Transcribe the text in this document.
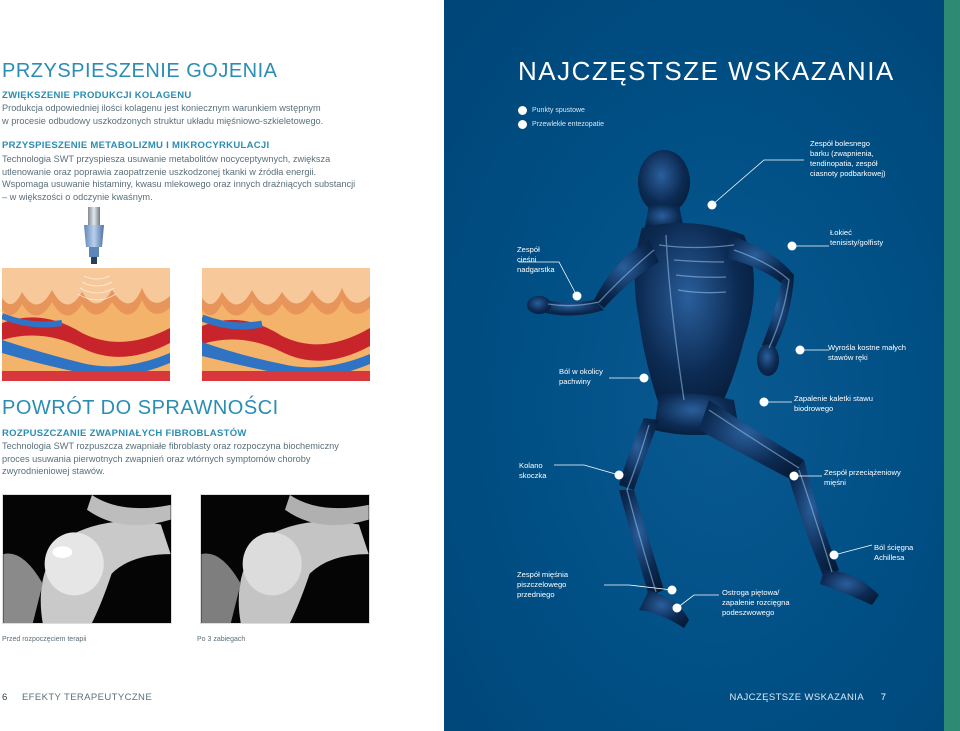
PRZYSPIESZENIE GOJENIA
ZWIĘKSZENIE PRODUKCJI KOLAGENU
Produkcja odpowiedniej ilości kolagenu jest koniecznym warunkiem wstępnym
w procesie odbudowy uszkodzonych struktur układu mięśniowo-szkieletowego.
PRZYSPIESZENIE METABOLIZMU I MIKROCYRKULACJI
Technologia SWT przyspiesza usuwanie metabolitów nocyceptywnych, zwiększa
utlenowanie oraz poprawia zaopatrzenie uszkodzonej tkanki w źródła energii.
Wspomaga usuwanie histaminy, kwasu mlekowego oraz innych drażniących substancji
– w większości o odczynie kwaśnym.
POWRÓT DO SPRAWNOŚCI
ROZPUSZCZANIE ZWAPNIAŁYCH FIBROBLASTÓW
Technologia SWT rozpuszcza zwapniałe fibroblasty oraz rozpoczyna biochemiczny
proces usuwania pierwotnych zwapnień oraz wtórnych symptomów choroby
zwyrodnieniowej stawów.
Przed rozpoczęciem terapii	Po 3 zabiegach
6 EFEKTY TERAPEUTYCZNE
NAJCZĘSTSZE WSKAZANIA
Punkty spustowe
Przewlekłe entezopatie
Zespół bolesnego
barku (zwapnienia,
tendinopatia, zespół
ciasnoty podbarkowej)
Łokieć
tenisisty/golfisty
Zespół
cieśni
nadgarstka
Wyrośla kostne małych
stawów ręki
Ból w okolicy
pachwiny
Zapalenie kaletki stawu
biodrowego
Kolano
skoczka	Zespół przeciążeniowy
mięśni
Ból ścięgna
Achillesa
Zespół mięśnia
piszczelowego
przedniego	Ostroga piętowa/
zapalenie rozcięgna
podeszwowego
NAJCZĘSTSZE WSKAZANIA 7
